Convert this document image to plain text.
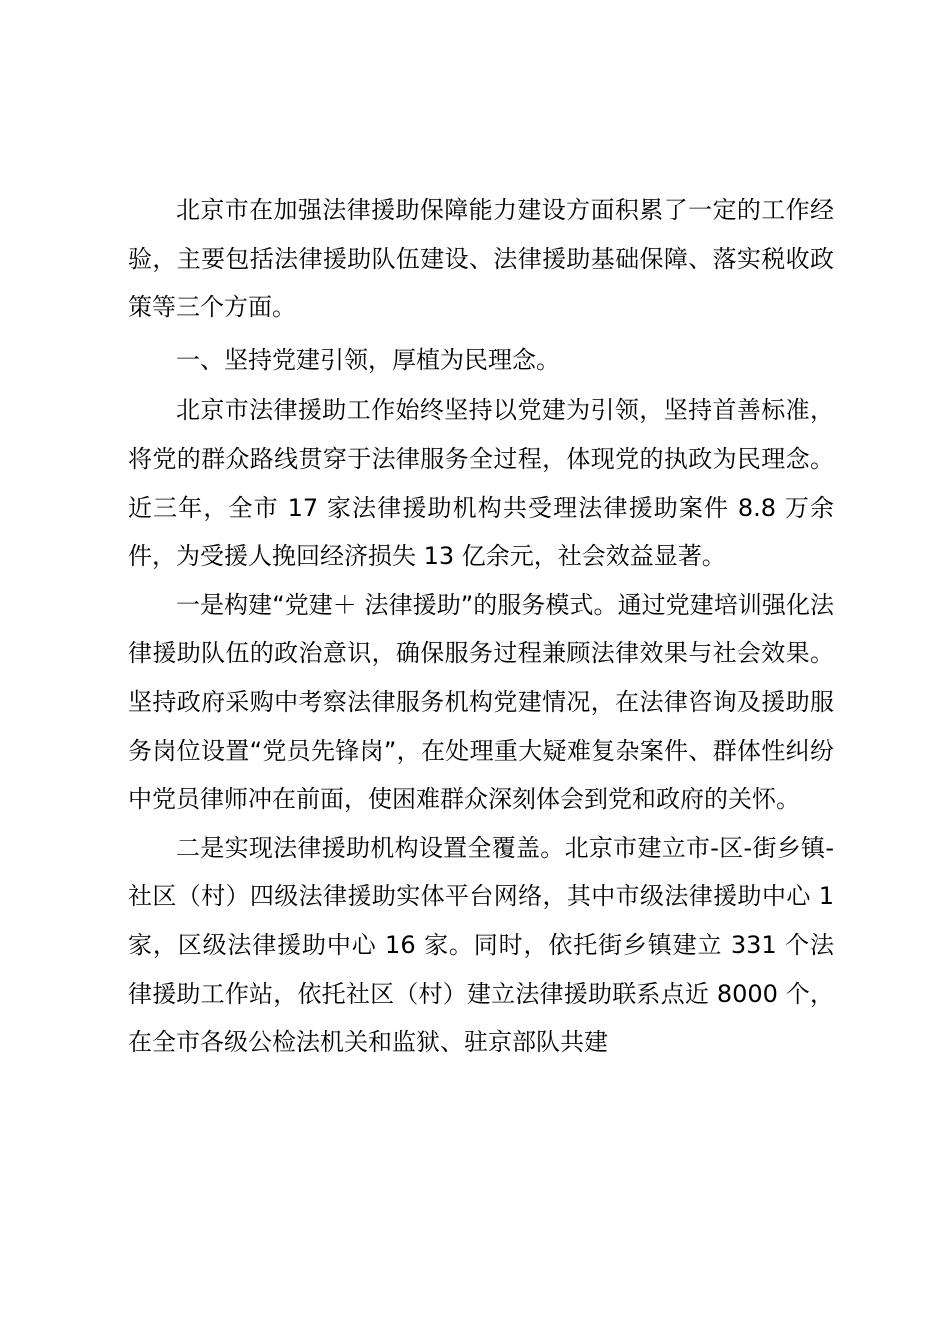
北京市在加强法律援助保障能力建设方面积累了一定的工作经验，主要包括法律援助队伍建设、法律援助基础保障、落实税收政策等三个方面。

一、坚持党建引领，厚植为民理念。

北京市法律援助工作始终坚持以党建为引领，坚持首善标准，将党的群众路线贯穿于法律服务全过程，体现党的执政为民理念。近三年，全市 17 家法律援助机构共受理法律援助案件 8.8 万余件，为受援人挽回经济损失 13 亿余元，社会效益显著。

一是构建“党建＋ 法律援助”的服务模式。通过党建培训强化法律援助队伍的政治意识，确保服务过程兼顾法律效果与社会效果。坚持政府采购中考察法律服务机构党建情况，在法律咨询及援助服务岗位设置“党员先锋岗”，在处理重大疑难复杂案件、群体性纠纷中党员律师冲在前面，使困难群众深刻体会到党和政府的关怀。

二是实现法律援助机构设置全覆盖。北京市建立市-区-街乡镇-社区（村）四级法律援助实体平台网络，其中市级法律援助中心 1 家，区级法律援助中心 16 家。同时，依托街乡镇建立 331 个法律援助工作站，依托社区（村）建立法律援助联系点近 8000 个，在全市各级公检法机关和监狱、驻京部队共建
